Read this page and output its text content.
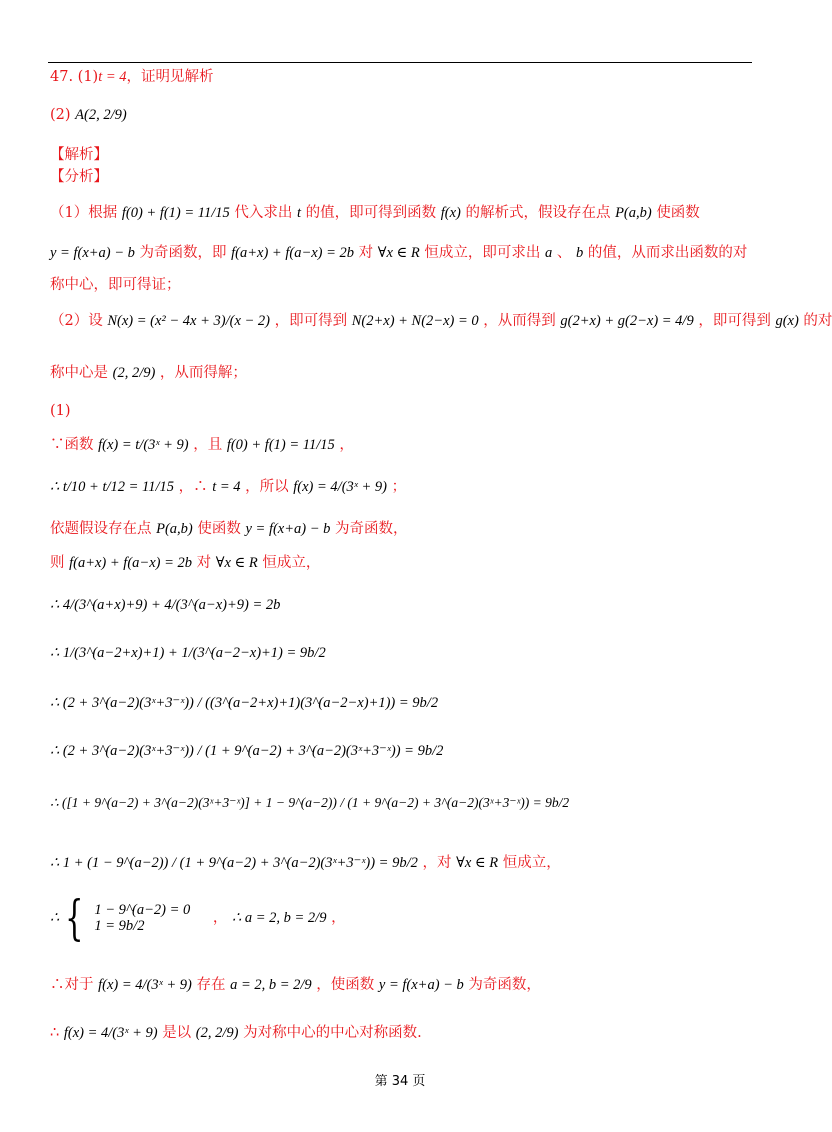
47. (1)t = 4，证明见解析
(2) A(2, 2/9)
【解析】
【分析】
（1）根据 f(0) + f(1) = 11/15 代入求出 t 的值，即可得到函数 f(x) 的解析式，假设存在点 P(a,b) 使函数
y = f(x+a) − b 为奇函数，即 f(a+x) + f(a−x) = 2b 对 ∀x ∈ R 恒成立，即可求出 a 、 b 的值，从而求出函数的对
称中心，即可得证；
（2）设 N(x) = (x² − 4x + 3)/(x − 2) ，即可得到 N(2+x) + N(2−x) = 0 ，从而得到 g(2+x) + g(2−x) = 4/9 ，即可得到 g(x) 的对
称中心是 (2, 2/9) ，从而得解；
(1)
∵函数 f(x) = t/(3ˣ + 9) ，且 f(0) + f(1) = 11/15 ，
∴ t/10 + t/12 = 11/15 ，∴ t = 4 ，所以 f(x) = 4/(3ˣ + 9) ；
依题假设存在点 P(a,b) 使函数 y = f(x+a) − b 为奇函数，
则 f(a+x) + f(a−x) = 2b 对 ∀x ∈ R 恒成立，
∴ 4/(3^(a+x)+9) + 4/(3^(a−x)+9) = 2b
∴ 1/(3^(a−2+x)+1) + 1/(3^(a−2−x)+1) = 9b/2
∴ (2 + 3^(a−2)(3ˣ+3⁻ˣ)) / ((3^(a−2+x)+1)(3^(a−2−x)+1)) = 9b/2
∴ (2 + 3^(a−2)(3ˣ+3⁻ˣ)) / (1 + 9^(a−2) + 3^(a−2)(3ˣ+3⁻ˣ)) = 9b/2
∴ ([1 + 9^(a−2) + 3^(a−2)(3ˣ+3⁻ˣ)] + 1 − 9^(a−2)) / (1 + 9^(a−2) + 3^(a−2)(3ˣ+3⁻ˣ)) = 9b/2
∴ 1 + (1 − 9^(a−2)) / (1 + 9^(a−2) + 3^(a−2)(3ˣ+3⁻ˣ)) = 9b/2 ，对 ∀x ∈ R 恒成立，
∴ { 1 − 9^(a−2) = 0
1 = 9b/2	， ∴ a = 2, b = 2/9 ，
∴对于 f(x) = 4/(3ˣ + 9) 存在 a = 2, b = 2/9 ，使函数 y = f(x+a) − b 为奇函数，
∴ f(x) = 4/(3ˣ + 9) 是以 (2, 2/9) 为对称中心的中心对称函数.
第 34 页
